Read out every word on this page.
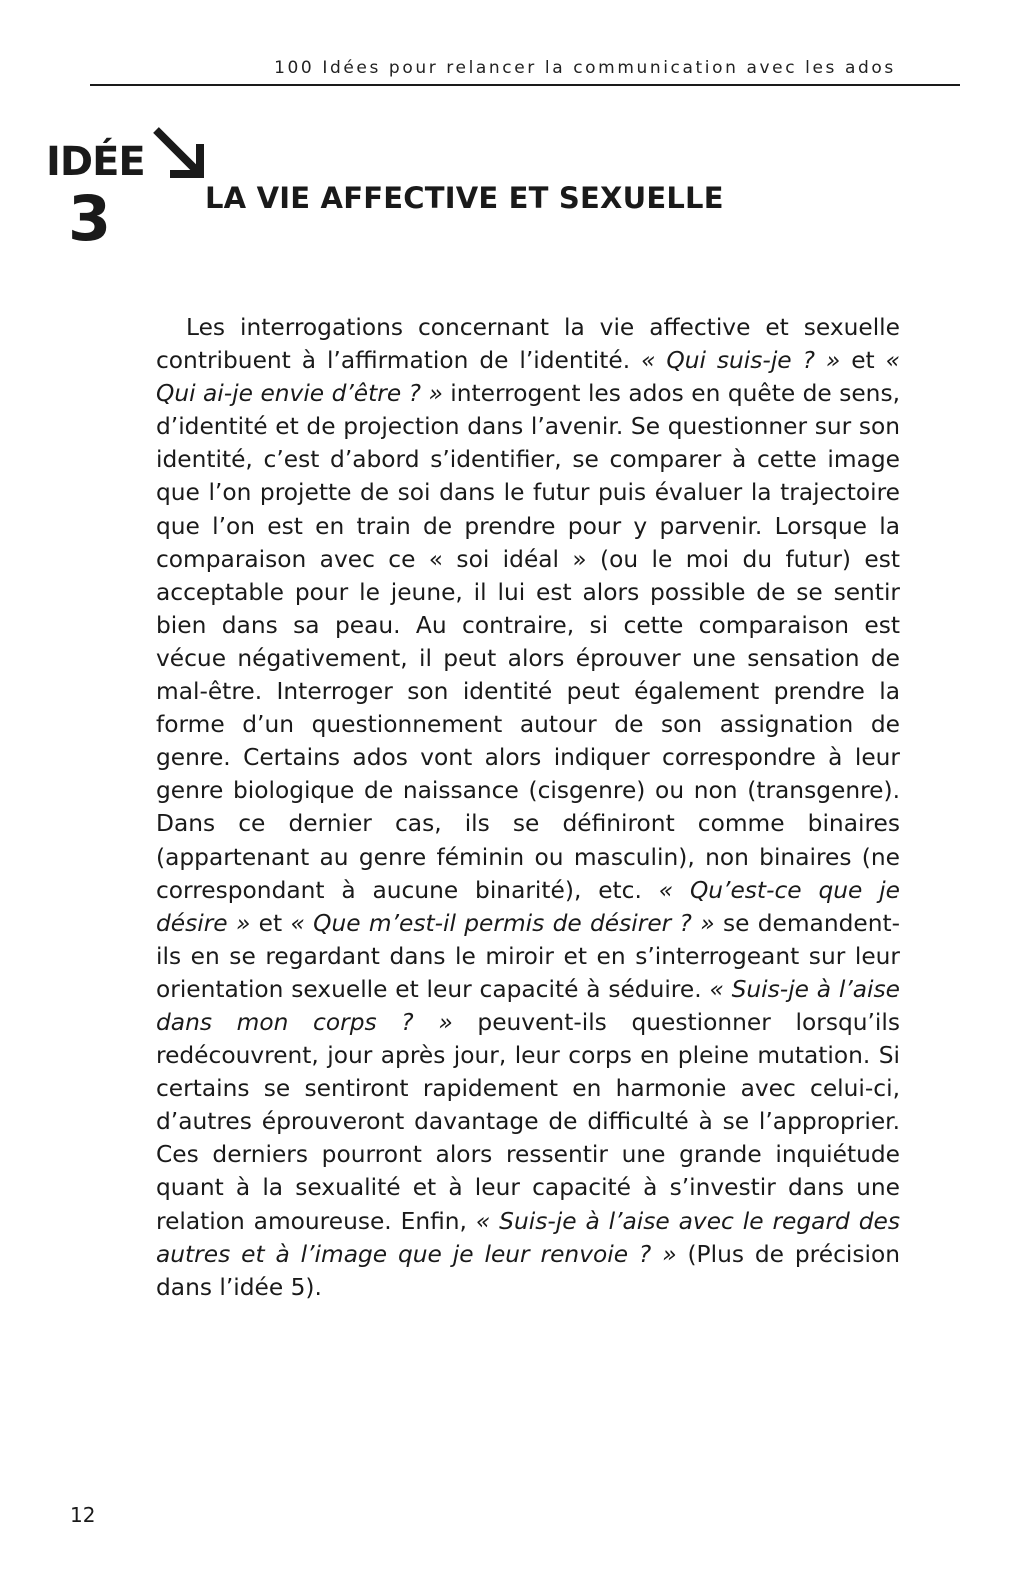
100 Idées pour relancer la communication avec les ados
IDÉE
3	LA VIE AFFECTIVE ET SEXUELLE

Les interrogations concernant la vie affective et sexuelle contribuent à l’affirmation de l’identité. « Qui suis-je ? » et « Qui ai-je envie d’être ? » interrogent les ados en quête de sens, d’identité et de projection dans l’avenir. Se questionner sur son identité, c’est d’abord s’identifier, se comparer à cette image que l’on projette de soi dans le futur puis évaluer la trajectoire que l’on est en train de prendre pour y parvenir. Lorsque la comparaison avec ce « soi idéal » (ou le moi du futur) est acceptable pour le jeune, il lui est alors possible de se sentir bien dans sa peau. Au contraire, si cette comparaison est vécue négativement, il peut alors éprouver une sensation de mal-être. Interroger son identité peut également prendre la forme d’un questionnement autour de son assignation de genre. Certains ados vont alors indiquer correspondre à leur genre biologique de naissance (cisgenre) ou non (transgenre). Dans ce dernier cas, ils se définiront comme binaires (appartenant au genre féminin ou masculin), non binaires (ne correspondant à aucune binarité), etc. « Qu’est-ce que je désire » et « Que m’est-il permis de désirer ? » se demandent-ils en se regardant dans le miroir et en s’interrogeant sur leur orientation sexuelle et leur capacité à séduire. « Suis-je à l’aise dans mon corps ? » peuvent-ils questionner lorsqu’ils redécouvrent, jour après jour, leur corps en pleine mutation. Si certains se sentiront rapidement en harmonie avec celui-ci, d’autres éprouveront davantage de difficulté à se l’approprier. Ces derniers pourront alors ressentir une grande inquiétude quant à la sexualité et à leur capacité à s’investir dans une relation amoureuse. Enfin, « Suis-je à l’aise avec le regard des autres et à l’image que je leur renvoie ? » (Plus de précision dans l’idée 5).

12
